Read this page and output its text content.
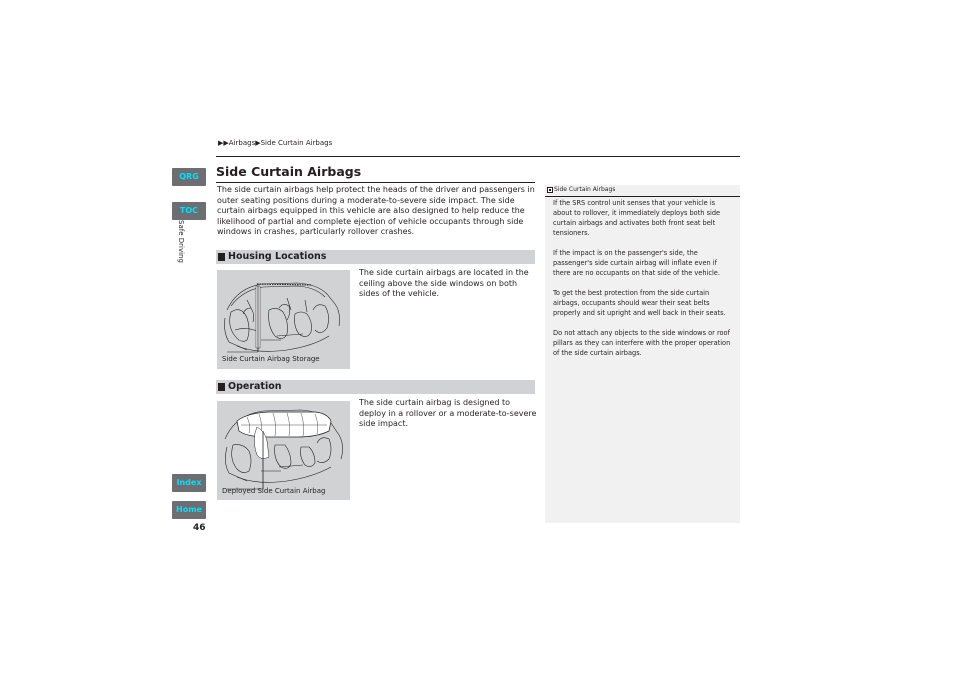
▶▶Airbags▶Side Curtain Airbags
QRG
TOC
Safe Driving
Index
Home
46
Side Curtain Airbags
The side curtain airbags help protect the heads of the driver and passengers in outer seating positions during a moderate-to-severe side impact. The side curtain airbags equipped in this vehicle are also designed to help reduce the likelihood of partial and complete ejection of vehicle occupants through side windows in crashes, particularly rollover crashes.
Housing Locations
Side Curtain Airbag Storage
The side curtain airbags are located in the ceiling above the side windows on both sides of the vehicle.
Operation
Deployed Side Curtain Airbag
The side curtain airbag is designed to deploy in a rollover or a moderate-to-severe side impact.
Side Curtain Airbags
If the SRS control unit senses that your vehicle is about to rollover, it immediately deploys both side curtain airbags and activates both front seat belt tensioners.
If the impact is on the passenger's side, the passenger's side curtain airbag will inflate even if there are no occupants on that side of the vehicle.
To get the best protection from the side curtain airbags, occupants should wear their seat belts properly and sit upright and well back in their seats.
Do not attach any objects to the side windows or roof pillars as they can interfere with the proper operation of the side curtain airbags.
